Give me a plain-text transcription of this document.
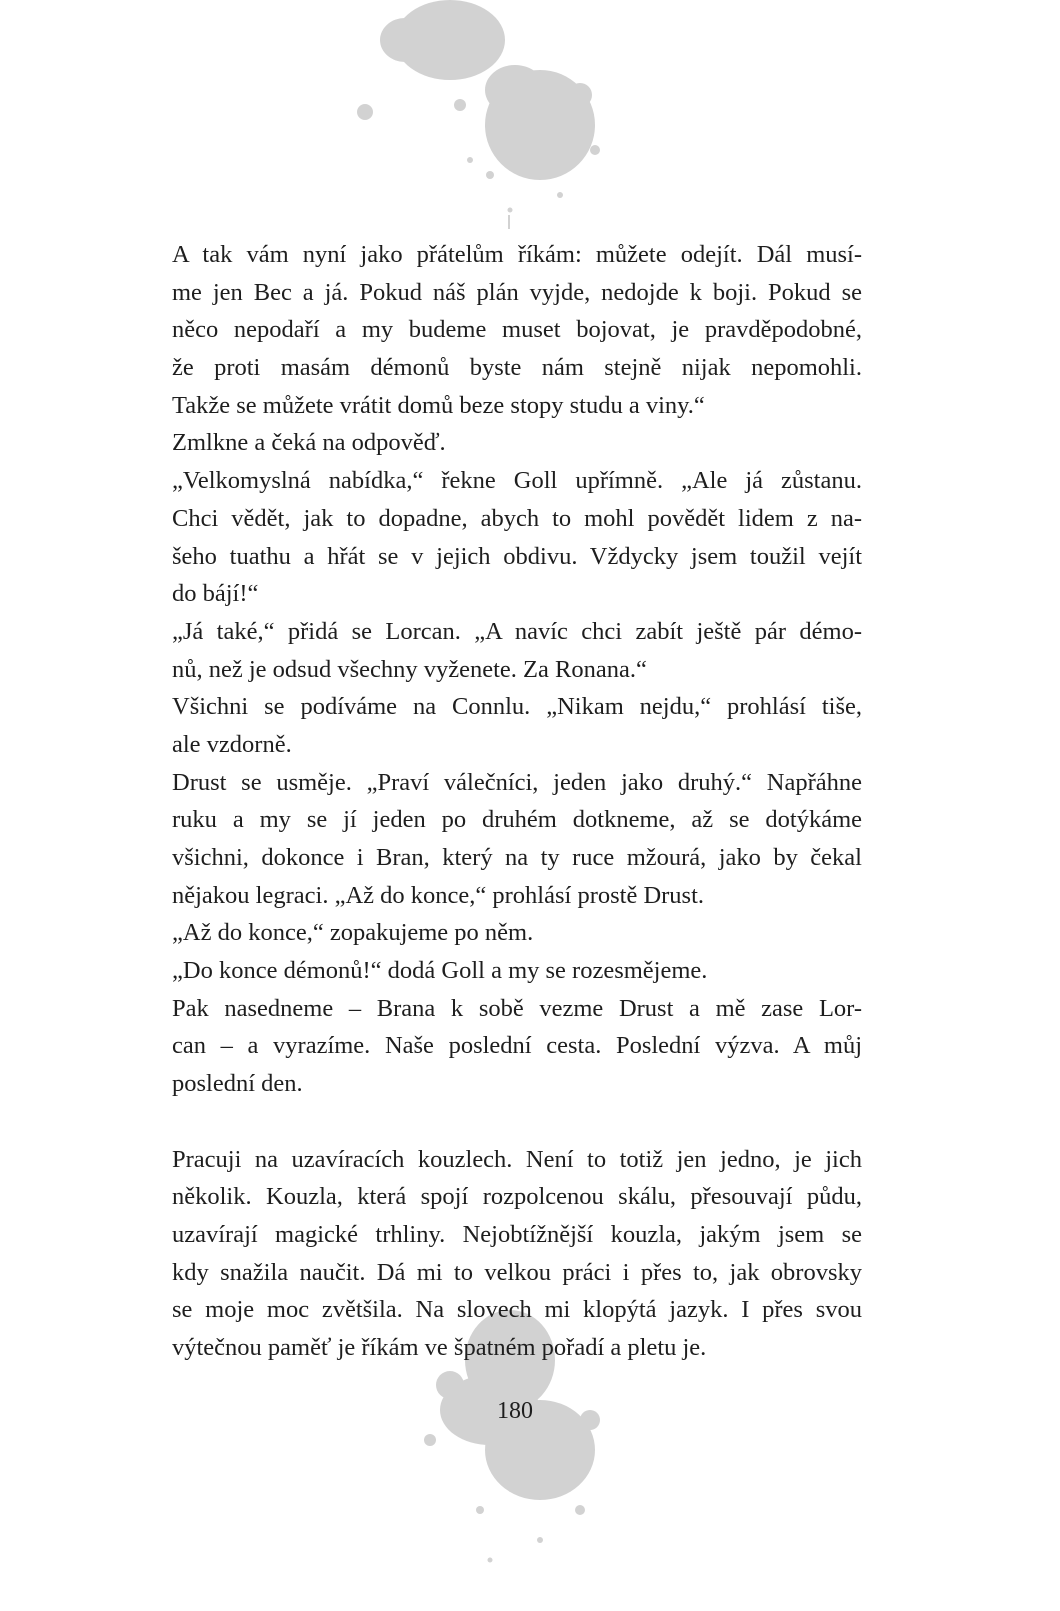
A tak vám nyní jako přátelům říkám: můžete odejít. Dál musí-
me jen Bec a já. Pokud náš plán vyjde, nedojde k boji. Pokud se
něco nepodaří a my budeme muset bojovat, je pravděpodobné,
že proti masám démonů byste nám stejně nijak nepomohli.
Takže se můžete vrátit domů beze stopy studu a viny.“
Zmlkne a čeká na odpověď.
„Velkomyslná nabídka,“ řekne Goll upřímně. „Ale já zůstanu.
Chci vědět, jak to dopadne, abych to mohl povědět lidem z na-
šeho tuathu a hřát se v jejich obdivu. Vždycky jsem toužil vejít
do bájí!“
„Já také,“ přidá se Lorcan. „A navíc chci zabít ještě pár démo-
nů, než je odsud všechny vyženete. Za Ronana.“
Všichni se podíváme na Connlu. „Nikam nejdu,“ prohlásí tiše,
ale vzdorně.
Drust se usměje. „Praví válečníci, jeden jako druhý.“ Napřáhne
ruku a my se jí jeden po druhém dotkneme, až se dotýkáme
všichni, dokonce i Bran, který na ty ruce mžourá, jako by čekal
nějakou legraci. „Až do konce,“ prohlásí prostě Drust.
„Až do konce,“ zopakujeme po něm.
„Do konce démonů!“ dodá Goll a my se rozesmějeme.
Pak nasedneme – Brana k sobě vezme Drust a mě zase Lor-
can – a vyrazíme. Naše poslední cesta. Poslední výzva. A můj
poslední den.
Pracuji na uzavíracích kouzlech. Není to totiž jen jedno, je jich
několik. Kouzla, která spojí rozpolcenou skálu, přesouvají půdu,
uzavírají magické trhliny. Nejobtížnější kouzla, jakým jsem se
kdy snažila naučit. Dá mi to velkou práci i přes to, jak obrovsky
se moje moc zvětšila. Na slovech mi klopýtá jazyk. I přes svou
výtečnou paměť je říkám ve špatném pořadí a pletu je.
180
